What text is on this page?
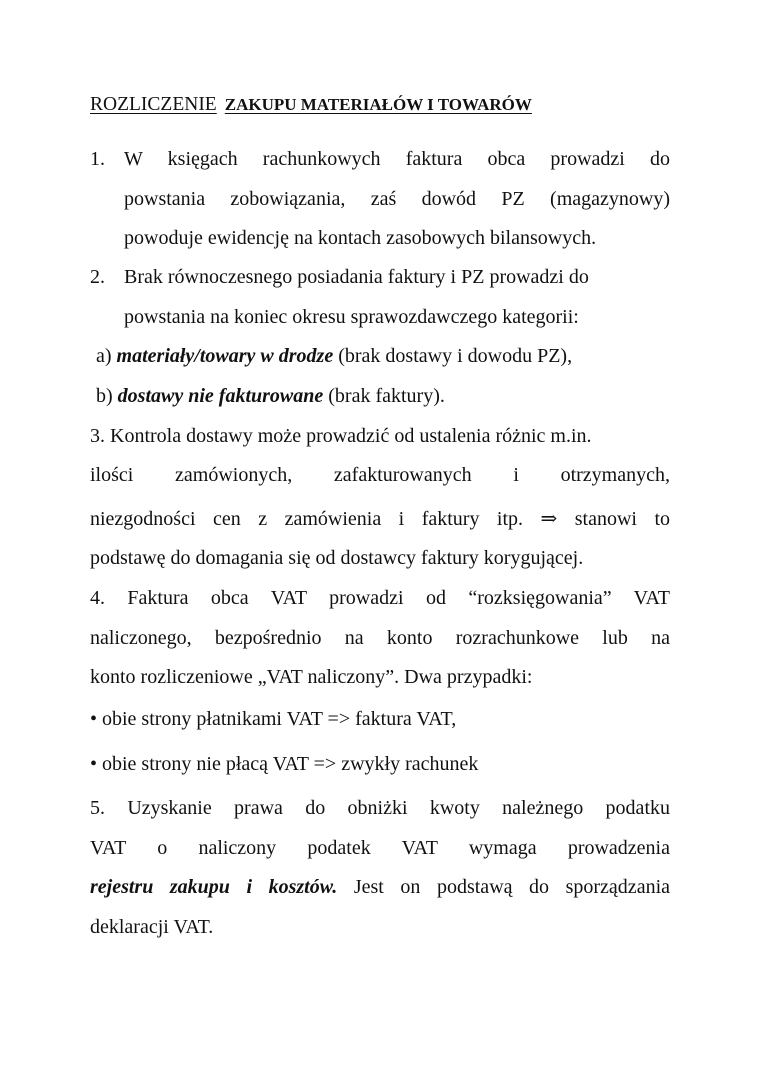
ROZLICZENIE ZAKUPU MATERIAŁÓW I TOWARÓW
1. W księgach rachunkowych faktura obca prowadzi do
powstania zobowiązania, zaś dowód PZ (magazynowy)
powoduje ewidencję na kontach zasobowych bilansowych.
2. Brak równoczesnego posiadania faktury i PZ prowadzi do
powstania na koniec okresu sprawozdawczego kategorii:
a) materiały/towary w drodze (brak dostawy i dowodu PZ),
b) dostawy nie fakturowane (brak faktury).
3. Kontrola dostawy może prowadzić od ustalenia różnic m.in.
ilości zamówionych, zafakturowanych i otrzymanych,
niezgodności cen z zamówienia i faktury itp. ⇒ stanowi to
podstawę do domagania się od dostawcy faktury korygującej.
4. Faktura obca VAT prowadzi od “rozksięgowania” VAT
naliczonego, bezpośrednio na konto rozrachunkowe lub na
konto rozliczeniowe „VAT naliczony”. Dwa przypadki:
• obie strony płatnikami VAT => faktura VAT,
• obie strony nie płacą VAT => zwykły rachunek
5. Uzyskanie prawa do obniżki kwoty należnego podatku
VAT o naliczony podatek VAT wymaga prowadzenia
rejestru zakupu i kosztów. Jest on podstawą do sporządzania
deklaracji VAT.
